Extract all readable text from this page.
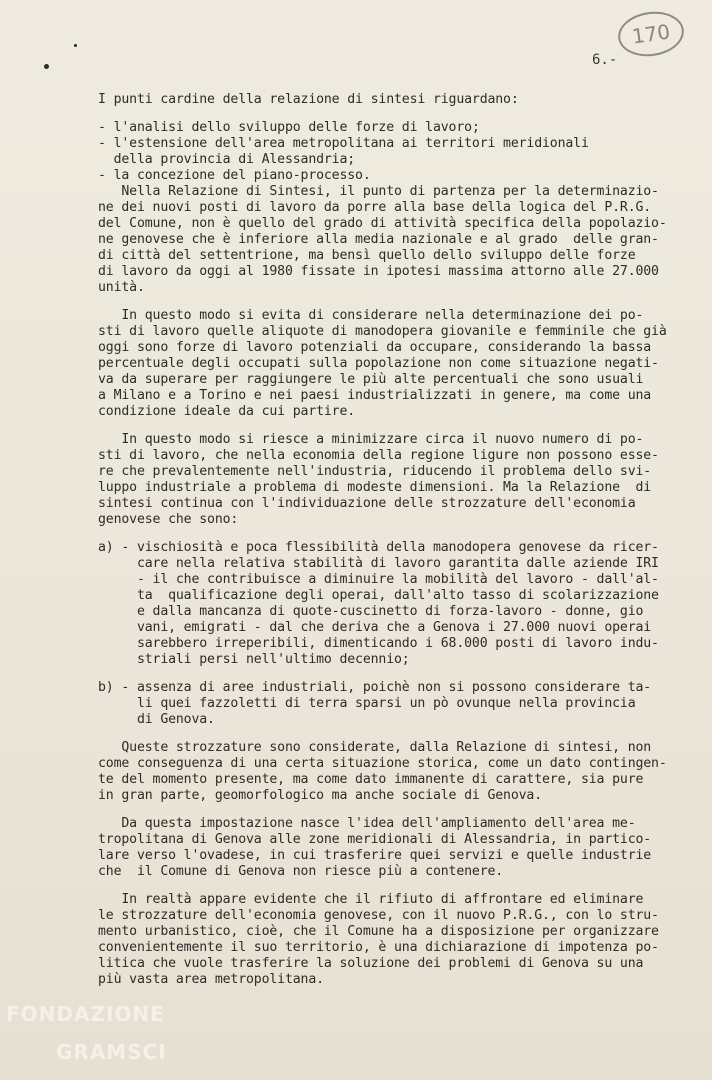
170
6.-
I punti cardine della relazione di sintesi riguardano:
- l'analisi dello sviluppo delle forze di lavoro;
- l'estensione dell'area metropolitana ai territori meridionali
della provincia di Alessandria;
- la concezione del piano-processo.
Nella Relazione di Sintesi, il punto di partenza per la determinazio-
ne dei nuovi posti di lavoro da porre alla base della logica del P.R.G.
del Comune, non è quello del grado di attività specifica della popolazio-
ne genovese che è inferiore alla media nazionale e al grado  delle gran-
di città del settentrione, ma bensì quello dello sviluppo delle forze
di lavoro da oggi al 1980 fissate in ipotesi massima attorno alle 27.000
unità.
In questo modo si evita di considerare nella determinazione dei po-
sti di lavoro quelle aliquote di manodopera giovanile e femminile che già
oggi sono forze di lavoro potenziali da occupare, considerando la bassa
percentuale degli occupati sulla popolazione non come situazione negati-
va da superare per raggiungere le più alte percentuali che sono usuali
a Milano e a Torino e nei paesi industrializzati in genere, ma come una
condizione ideale da cui partire.
In questo modo si riesce a minimizzare circa il nuovo numero di po-
sti di lavoro, che nella economia della regione ligure non possono esse-
re che prevalentemente nell'industria, riducendo il problema dello svi-
luppo industriale a problema di modeste dimensioni. Ma la Relazione  di
sintesi continua con l'individuazione delle strozzature dell'economia
genovese che sono:
a) - vischiosità e poca flessibilità della manodopera genovese da ricer-
care nella relativa stabilità di lavoro garantita dalle aziende IRI
- il che contribuisce a diminuire la mobilità del lavoro - dall'al-
ta  qualificazione degli operai, dall'alto tasso di scolarizzazione
e dalla mancanza di quote-cuscinetto di forza-lavoro - donne, gio
vani, emigrati - dal che deriva che a Genova i 27.000 nuovi operai
sarebbero irreperibili, dimenticando i 68.000 posti di lavoro indu-
striali persi nell'ultimo decennio;
b) - assenza di aree industriali, poichè non si possono considerare ta-
li quei fazzoletti di terra sparsi un pò ovunque nella provincia
di Genova.
Queste strozzature sono considerate, dalla Relazione di sintesi, non
come conseguenza di una certa situazione storica, come un dato contingen-
te del momento presente, ma come dato immanente di carattere, sia pure
in gran parte, geomorfologico ma anche sociale di Genova.
Da questa impostazione nasce l'idea dell'ampliamento dell'area me-
tropolitana di Genova alle zone meridionali di Alessandria, in partico-
lare verso l'ovadese, in cui trasferire quei servizi e quelle industrie
che  il Comune di Genova non riesce più a contenere.
In realtà appare evidente che il rifiuto di affrontare ed eliminare
le strozzature dell'economia genovese, con il nuovo P.R.G., con lo stru-
mento urbanistico, cioè, che il Comune ha a disposizione per organizzare
convenientemente il suo territorio, è una dichiarazione di impotenza po-
litica che vuole trasferire la soluzione dei problemi di Genova su una
più vasta area metropolitana.
FONDAZIONE
GRAMSCI
